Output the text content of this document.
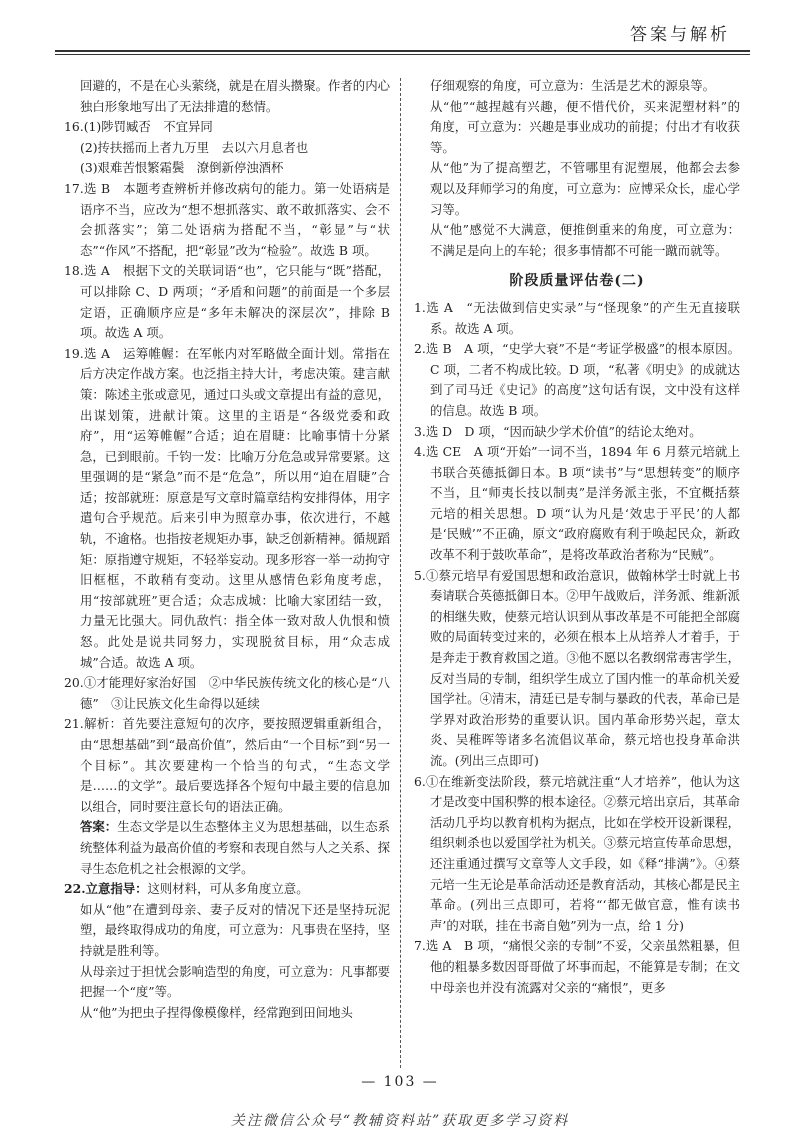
答案与解析

回避的，不是在心头萦绕，就是在眉头攒聚。作者的内心独白形象地写出了无法排遣的愁情。

16.(1)陟罚臧否　不宜异同

(2)抟扶摇而上者九万里　去以六月息者也

(3)艰难苦恨繁霜鬓　潦倒新停浊酒杯

17.选 B　本题考查辨析并修改病句的能力。第一处语病是语序不当，应改为“想不想抓落实、敢不敢抓落实、会不会抓落实”；第二处语病为搭配不当，“彰显”与“状态”“作风”不搭配，把“彰显”改为“检验”。故选 B 项。

18.选 A　根据下文的关联词语“也”，它只能与“既”搭配，可以排除 C、D 两项；“矛盾和问题”的前面是一个多层定语，正确顺序应是“多年未解决的深层次”，排除 B 项。故选 A 项。

19.选 A　运筹帷幄：在军帐内对军略做全面计划。常指在后方决定作战方案。也泛指主持大计，考虑决策。建言献策：陈述主张或意见，通过口头或文章提出有益的意见，出谋划策，进献计策。这里的主语是“各级党委和政府”，用“运筹帷幄”合适；迫在眉睫：比喻事情十分紧急，已到眼前。千钧一发：比喻万分危急或异常要紧。这里强调的是“紧急”而不是“危急”，所以用“迫在眉睫”合适；按部就班：原意是写文章时篇章结构安排得体，用字遣句合乎规范。后来引申为照章办事，依次进行，不越轨，不逾格。也指按老规矩办事，缺乏创新精神。循规蹈矩：原指遵守规矩，不轻举妄动。现多形容一举一动拘守旧框框，不敢稍有变动。这里从感情色彩角度考虑，用“按部就班”更合适；众志成城：比喻大家团结一致，力量无比强大。同仇敌忾：指全体一致对敌人仇恨和愤怒。此处是说共同努力，实现脱贫目标，用“众志成城”合适。故选 A 项。

20.①才能理好家治好国　②中华民族传统文化的核心是“八德”　③让民族文化生命得以延续

21.解析：首先要注意短句的次序，要按照逻辑重新组合，由“思想基础”到“最高价值”，然后由“一个目标”到“另一个目标”。其次要建构一个恰当的句式，“生态文学是……的文学”。最后要选择各个短句中最主要的信息加以组合，同时要注意长句的语法正确。

答案：生态文学是以生态整体主义为思想基础，以生态系统整体利益为最高价值的考察和表现自然与人之关系、探寻生态危机之社会根源的文学。

22.立意指导：这则材料，可从多角度立意。

如从“他”在遭到母亲、妻子反对的情况下还是坚持玩泥塑，最终取得成功的角度，可立意为：凡事贵在坚持，坚持就是胜利等。

从母亲过于担忧会影响造型的角度，可立意为：凡事都要把握一个“度”等。

从“他”为把虫子捏得像模像样，经常跑到田间地头

仔细观察的角度，可立意为：生活是艺术的源泉等。

从“他”“越捏越有兴趣，便不惜代价，买来泥塑材料”的角度，可立意为：兴趣是事业成功的前提；付出才有收获等。

从“他”为了提高塑艺，不管哪里有泥塑展，他都会去参观以及拜师学习的角度，可立意为：应博采众长，虚心学习等。

从“他”感觉不大满意，便推倒重来的角度，可立意为：不满足是向上的车轮；很多事情都不可能一蹴而就等。

阶段质量评估卷(二)

1.选 A　“无法做到信史实录”与“怪现象”的产生无直接联系。故选 A 项。

2.选 B　A 项，“史学大衰”不是“考证学极盛”的根本原因。C 项，二者不构成比较。D 项，“私著《明史》的成就达到了司马迁《史记》的高度”这句话有误，文中没有这样的信息。故选 B 项。

3.选 D　D 项，“因而缺少学术价值”的结论太绝对。

4.选 CE　A 项“开始”一词不当，1894 年 6 月蔡元培就上书联合英德抵御日本。B 项“读书”与“思想转变”的顺序不当，且“师夷长技以制夷”是洋务派主张，不宜概括蔡元培的相关思想。D 项“认为凡是‘效忠于平民’的人都是‘民贼’”不正确，原文“政府腐败有利于唤起民众，新政改革不利于鼓吹革命”，是将改革政治者称为“民贼”。

5.①蔡元培早有爱国思想和政治意识，做翰林学士时就上书奏请联合英德抵御日本。②甲午战败后，洋务派、维新派的相继失败，使蔡元培认识到从事改革是不可能把全部腐败的局面转变过来的，必须在根本上从培养人才着手，于是奔走于教育救国之道。③他不愿以名教纲常毒害学生，反对当局的专制，组织学生成立了国内惟一的革命机关爱国学社。④清末，清廷已是专制与暴政的代表，革命已是学界对政治形势的重要认识。国内革命形势兴起，章太炎、吴稚晖等诸多名流倡议革命，蔡元培也投身革命洪流。(列出三点即可)

6.①在维新变法阶段，蔡元培就注重“人才培养”，他认为这才是改变中国积弊的根本途径。②蔡元培出京后，其革命活动几乎均以教育机构为据点，比如在学校开设新课程，组织刺杀也以爱国学社为机关。③蔡元培宣传革命思想，还注重通过撰写文章等人文手段，如《释“排满”》。④蔡元培一生无论是革命活动还是教育活动，其核心都是民主革命。(列出三点即可，若将“‘都无做官意，惟有读书声’的对联，挂在书斋自勉”列为一点，给 1 分)

7.选 A　B 项，“痛恨父亲的专制”不妥，父亲虽然粗暴，但他的粗暴多数因哥哥做了坏事而起，不能算是专制；在文中母亲也并没有流露对父亲的“痛恨”，更多

— 103 —
关注微信公众号“教辅资料站”获取更多学习资料
